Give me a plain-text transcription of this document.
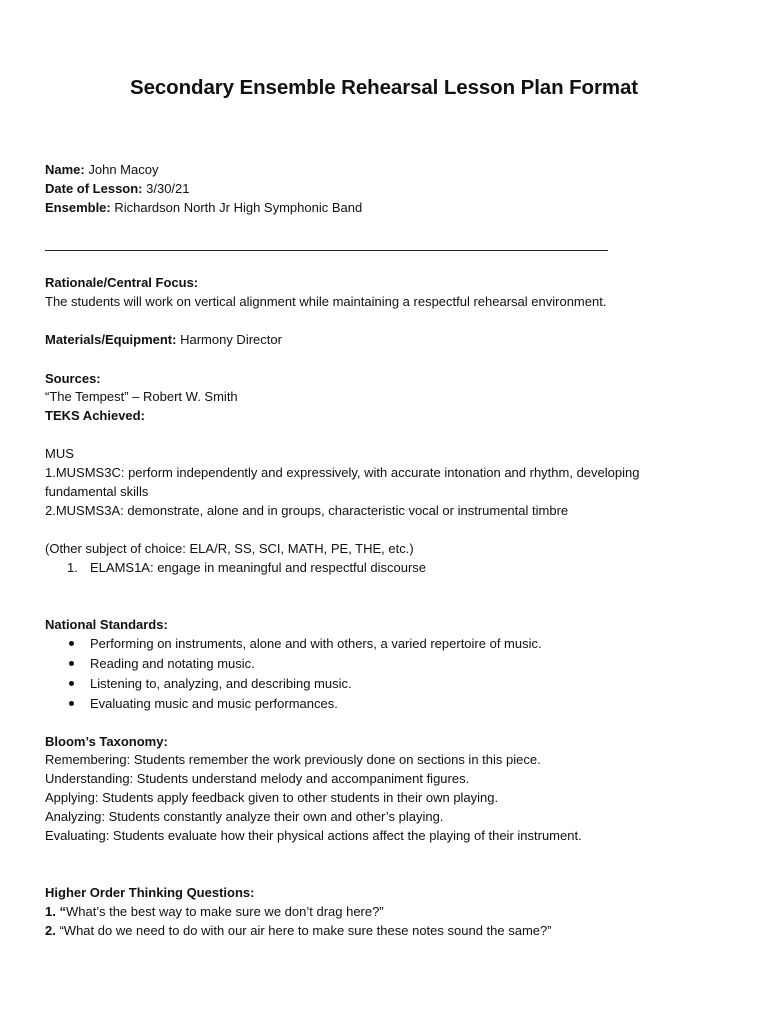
Secondary Ensemble Rehearsal Lesson Plan Format
Name: John Macoy
Date of Lesson: 3/30/21
Ensemble: Richardson North Jr High Symphonic Band
Rationale/Central Focus:
The students will work on vertical alignment while maintaining a respectful rehearsal environment.
Materials/Equipment: Harmony Director
Sources:
“The Tempest” – Robert W. Smith
TEKS Achieved:
MUS
1.MUSMS3C: perform independently and expressively, with accurate intonation and rhythm, developing
fundamental skills
2.MUSMS3A: demonstrate, alone and in groups, characteristic vocal or instrumental timbre
(Other subject of choice: ELA/R, SS, SCI, MATH, PE, THE, etc.)
1. ELAMS1A: engage in meaningful and respectful discourse
National Standards:
Performing on instruments, alone and with others, a varied repertoire of music.
Reading and notating music.
Listening to, analyzing, and describing music.
Evaluating music and music performances.
Bloom’s Taxonomy:
Remembering: Students remember the work previously done on sections in this piece.
Understanding: Students understand melody and accompaniment figures.
Applying: Students apply feedback given to other students in their own playing.
Analyzing: Students constantly analyze their own and other’s playing.
Evaluating: Students evaluate how their physical actions affect the playing of their instrument.
Higher Order Thinking Questions:
1. “What’s the best way to make sure we don’t drag here?”
2. “What do we need to do with our air here to make sure these notes sound the same?”
